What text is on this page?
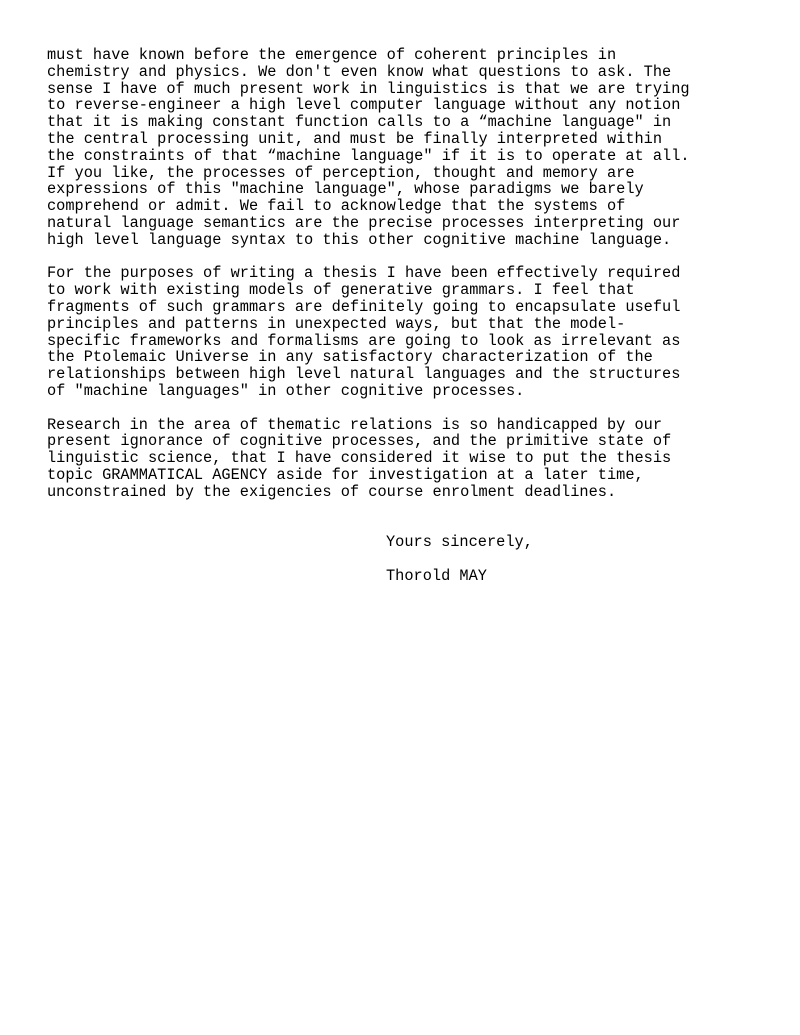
must have known before the emergence of coherent principles in
chemistry and physics. We don't even know what questions to ask. The
sense I have of much present work in linguistics is that we are trying
to reverse-engineer a high level computer language without any notion
that it is making constant function calls to a “machine language" in
the central processing unit, and must be finally interpreted within
the constraints of that “machine language" if it is to operate at all.
If you like, the processes of perception, thought and memory are
expressions of this "machine language", whose paradigms we barely
comprehend or admit. We fail to acknowledge that the systems of
natural language semantics are the precise processes interpreting our
high level language syntax to this other cognitive machine language.
For the purposes of writing a thesis I have been effectively required
to work with existing models of generative grammars. I feel that
fragments of such grammars are definitely going to encapsulate useful
principles and patterns in unexpected ways, but that the model-
specific frameworks and formalisms are going to look as irrelevant as
the Ptolemaic Universe in any satisfactory characterization of the
relationships between high level natural languages and the structures
of "machine languages" in other cognitive processes.
Research in the area of thematic relations is so handicapped by our
present ignorance of cognitive processes, and the primitive state of
linguistic science, that I have considered it wise to put the thesis
topic GRAMMATICAL AGENCY aside for investigation at a later time,
unconstrained by the exigencies of course enrolment deadlines.
Yours sincerely,
Thorold MAY
